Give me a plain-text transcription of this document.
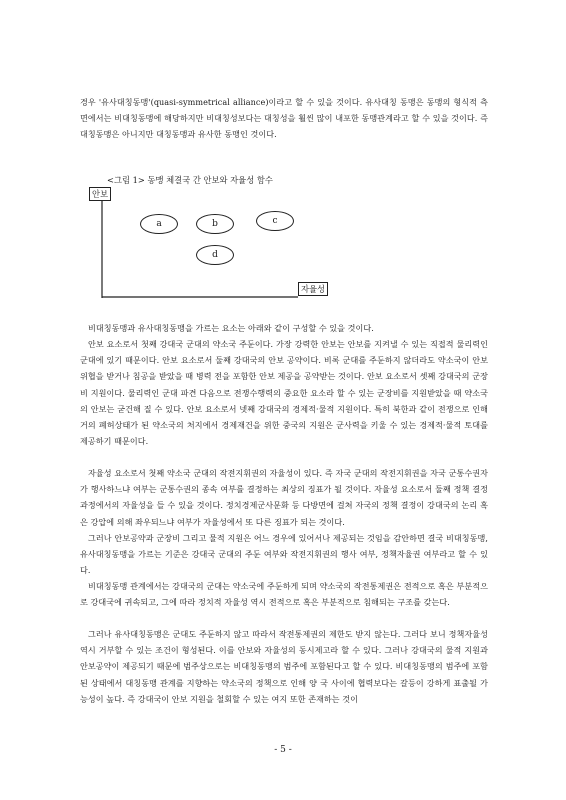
경우 '유사대칭동맹'(quasi-symmetrical alliance)이라고 할 수 있을 것이다. 유사대칭 동맹은 동맹의 형식적 측면에서는 비대칭동맹에 해당하지만 비대칭성보다는 대칭성을 훨씬 많이 내포한 동맹관계라고 할 수 있을 것이다. 즉 대칭동맹은 아니지만 대칭동맹과 유사한 동맹인 것이다.

<그림 1> 동맹 체결국 간 안보와 자율성 함수
안보
자율성
a	b	c
d

비대칭동맹과 유사대칭동맹을 가르는 요소는 아래와 같이 구성할 수 있을 것이다.

안보 요소로서 첫째 강대국 군대의 약소국 주둔이다. 가장 강력한 안보는 안보를 지켜낼 수 있는 직접적 물리력인 군대에 있기 때문이다. 안보 요소로서 둘째 강대국의 안보 공약이다. 비록 군대를 주둔하지 않더라도 약소국이 안보 위협을 받거나 침공을 받았을 때 병력 전을 포함한 안보 제공을 공약받는 것이다. 안보 요소로서 셋째 강대국의 군장비 지원이다. 물리력인 군대 파견 다음으로 전쟁수행력의 중요한 요소라 할 수 있는 군장비를 지원받았을 때 약소국의 안보는 굳건해 질 수 있다. 안보 요소로서 넷째 강대국의 경제적·물적 지원이다. 특히 북한과 같이 전쟁으로 인해 거의 폐허상태가 된 약소국의 처지에서 경제재건을 위한 중국의 지원은 군사력을 키울 수 있는 경제적·물적 토대를 제공하기 때문이다.

자율성 요소로서 첫째 약소국 군대의 작전지휘권의 자율성이 있다. 즉 자국 군대의 작전지휘권을 자국 군통수권자가 행사하느냐 여부는 군통수권의 종속 여부를 결정하는 최상의 징표가 될 것이다. 자율성 요소로서 둘째 정책 결정 과정에서의 자율성을 들 수 있을 것이다. 정치경제군사문화 등 다방면에 걸쳐 자국의 정책 결정이 강대국의 논리 혹은 강압에 의해 좌우되느냐 여부가 자율성에서 또 다른 징표가 되는 것이다.

그러나 안보공약과 군장비 그리고 물적 지원은 어느 경우에 있어서나 제공되는 것임을 감안하면 결국 비대칭동맹, 유사대칭동맹을 가르는 기준은 강대국 군대의 주둔 여부와 작전지휘권의 행사 여부, 정책자율권 여부라고 할 수 있다.

비대칭동맹 관계에서는 강대국의 군대는 약소국에 주둔하게 되며 약소국의 작전통제권은 전적으로 혹은 부분적으로 강대국에 귀속되고, 그에 따라 정치적 자율성 역시 전적으로 혹은 부분적으로 침해되는 구조를 갖는다.

그러나 유사대칭동맹은 군대도 주둔하지 않고 따라서 작전통제권의 제한도 받지 않는다. 그러다 보니 정책자율성 역시 거부할 수 있는 조건이 형성된다. 이를 안보와 자율성의 동시제고라 할 수 있다. 그러나 강대국의 물적 지원과 안보공약이 제공되기 때문에 범주상으로는 비대칭동맹의 범주에 포함된다고 할 수 있다. 비대칭동맹의 범주에 포함된 상태에서 대칭동맹 관계를 지향하는 약소국의 정책으로 인해 양 국 사이에 협력보다는 갈등이 강하게 표출될 가능성이 높다. 즉 강대국이 안보 지원을 철회할 수 있는 여지 또한 존재하는 것이

- 5 -
